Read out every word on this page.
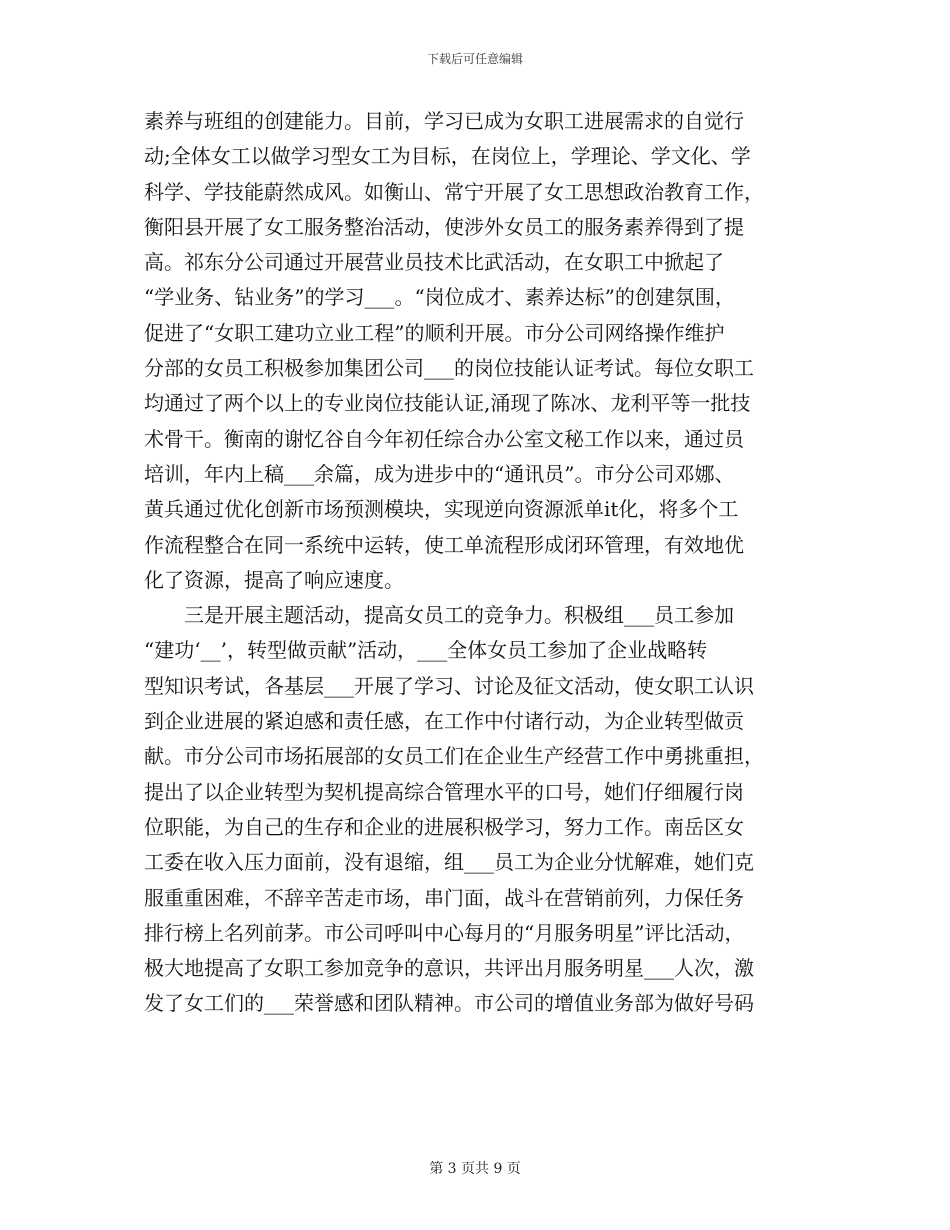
下载后可任意编辑
素养与班组的创建能力。目前，学习已成为女职工进展需求的自觉行
动;全体女工以做学习型女工为目标，在岗位上，学理论、学文化、学
科学、学技能蔚然成风。如衡山、常宁开展了女工思想政治教育工作，
衡阳县开展了女工服务整治活动，使涉外女员工的服务素养得到了提
高。祁东分公司通过开展营业员技术比武活动，在女职工中掀起了
“学业务、钻业务”的学习___。“岗位成才、素养达标”的创建氛围，
促进了“女职工建功立业工程”的顺利开展。市分公司网络操作维护
分部的女员工积极参加集团公司___的岗位技能认证考试。每位女职工
均通过了两个以上的专业岗位技能认证,涌现了陈冰、龙利平等一批技
术骨干。衡南的谢忆谷自今年初任综合办公室文秘工作以来，通过员
培训，年内上稿___余篇，成为进步中的“通讯员”。市分公司邓娜、
黄兵通过优化创新市场预测模块，实现逆向资源派单it化，将多个工
作流程整合在同一系统中运转，使工单流程形成闭环管理，有效地优
化了资源，提高了响应速度。
　　三是开展主题活动，提高女员工的竞争力。积极组___员工参加
“建功‘__’，转型做贡献”活动，___全体女员工参加了企业战略转
型知识考试，各基层___开展了学习、讨论及征文活动，使女职工认识
到企业进展的紧迫感和责任感，在工作中付诸行动，为企业转型做贡
献。市分公司市场拓展部的女员工们在企业生产经营工作中勇挑重担，
提出了以企业转型为契机提高综合管理水平的口号，她们仔细履行岗
位职能，为自己的生存和企业的进展积极学习，努力工作。南岳区女
工委在收入压力面前，没有退缩，组___员工为企业分忧解难，她们克
服重重困难，不辞辛苦走市场，串门面，战斗在营销前列，力保任务
排行榜上名列前茅。市公司呼叫中心每月的“月服务明星”评比活动，
极大地提高了女职工参加竞争的意识，共评出月服务明星___人次，激
发了女工们的___荣誉感和团队精神。市公司的增值业务部为做好号码
第 3 页共 9 页
